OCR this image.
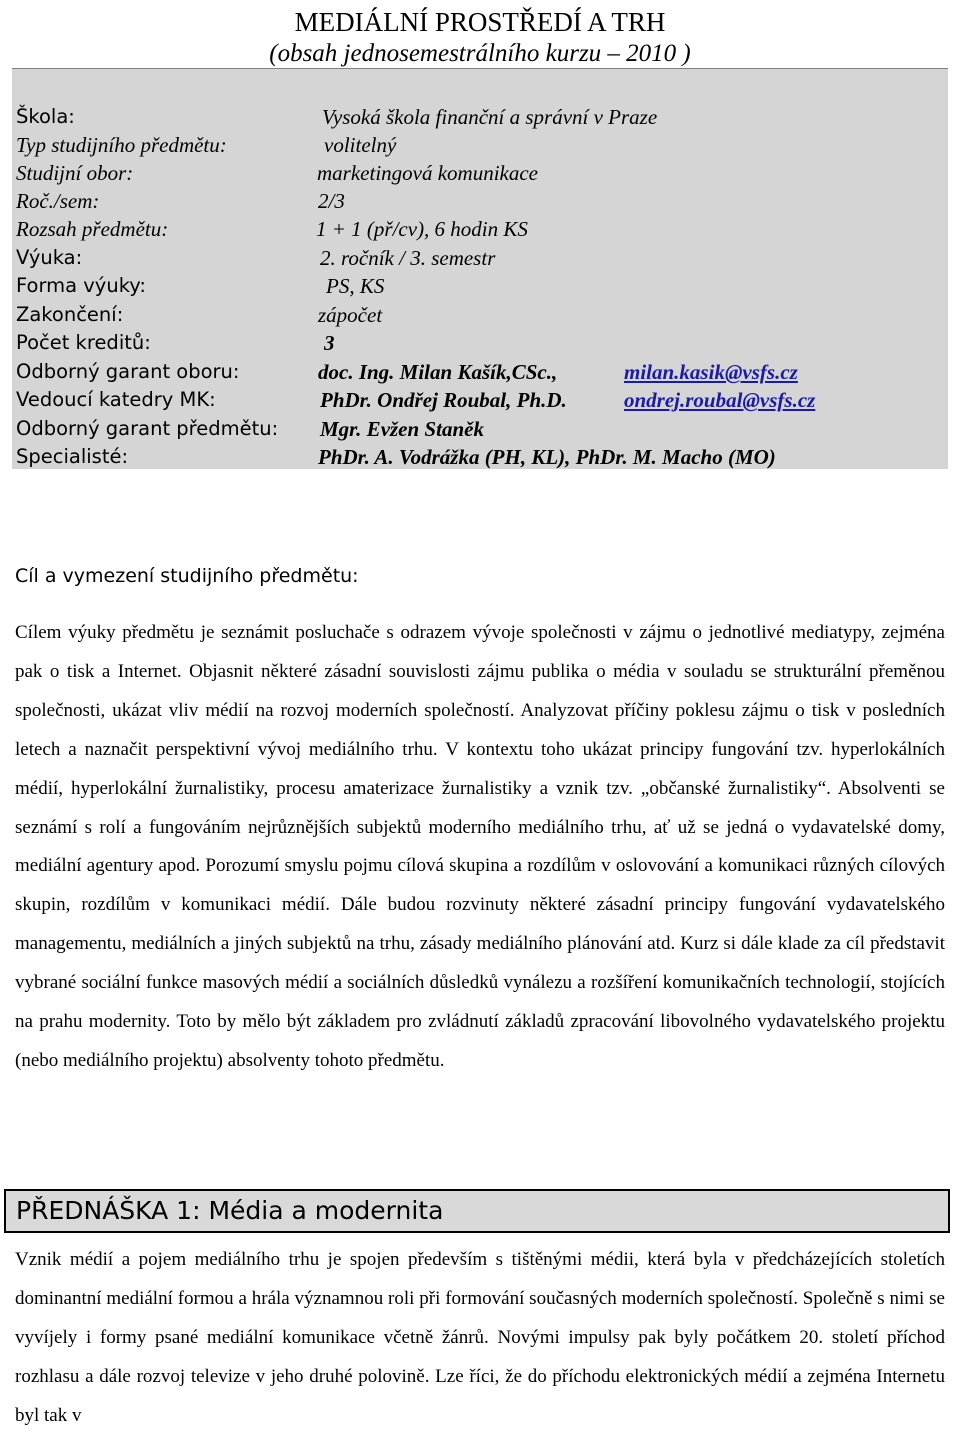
MEDIÁLNÍ PROSTŘEDÍ A TRH
(obsah jednosemestrálního kurzu – 2010 )
Škola:	Vysoká škola finanční a správní v Praze
Typ studijního předmětu:	volitelný
Studijní obor:	marketingová komunikace
Roč./sem:	2/3
Rozsah předmětu:	1 + 1 (př/cv), 6 hodin KS
Výuka:	2. ročník / 3. semestr
Forma výuky:	PS, KS
Zakončení:	zápočet
Počet kreditů:	3
Odborný garant oboru:	doc. Ing. Milan Kašík,CSc.,	milan.kasik@vsfs.cz
Vedoucí katedry MK:	PhDr. Ondřej Roubal, Ph.D.	ondrej.roubal@vsfs.cz
Odborný garant předmětu: Mgr. Evžen Staněk
Specialisté:	PhDr. A. Vodrážka (PH, KL), PhDr. M. Macho (MO)
Cíl a vymezení studijního předmětu:
Cílem výuky předmětu je seznámit posluchače s odrazem vývoje společnosti v zájmu o jednotlivé mediatypy, zejména pak o tisk a Internet. Objasnit některé zásadní souvislosti zájmu publika o média v souladu se strukturální přeměnou společnosti, ukázat vliv médií na rozvoj moderních společností. Analyzovat příčiny poklesu zájmu o tisk v posledních letech a naznačit perspektivní vývoj mediálního trhu. V kontextu toho ukázat principy fungování tzv. hyperlokálních médií, hyperlokální žurnalistiky, procesu amaterizace žurnalistiky a vznik tzv. „občanské žurnalistiky“. Absolventi se seznámí s rolí a fungováním nejrůznějších subjektů moderního mediálního trhu, ať už se jedná o vydavatelské domy, mediální agentury apod. Porozumí smyslu pojmu cílová skupina a rozdílům v oslovování a komunikaci různých cílových skupin, rozdílům v komunikaci médií. Dále budou rozvinuty některé zásadní principy fungování vydavatelského managementu, mediálních a jiných subjektů na trhu, zásady mediálního plánování atd. Kurz si dále klade za cíl představit vybrané sociální funkce masových médií a sociálních důsledků vynálezu a rozšíření komunikačních technologií, stojících na prahu modernity. Toto by mělo být základem pro zvládnutí základů zpracování libovolného vydavatelského projektu (nebo mediálního projektu) absolventy tohoto předmětu.
PŘEDNÁŠKA 1: Média a modernita
Vznik médií a pojem mediálního trhu je spojen především s tištěnými médii, která byla v předcházejících stoletích dominantní mediální formou a hrála významnou roli při formování současných moderních společností. Společně s nimi se vyvíjely i formy psané mediální komunikace včetně žánrů. Novými impulsy pak byly počátkem 20. století příchod rozhlasu a dále rozvoj televize v jeho druhé polovině. Lze říci, že do příchodu elektronických médií a zejména Internetu byl tak v
